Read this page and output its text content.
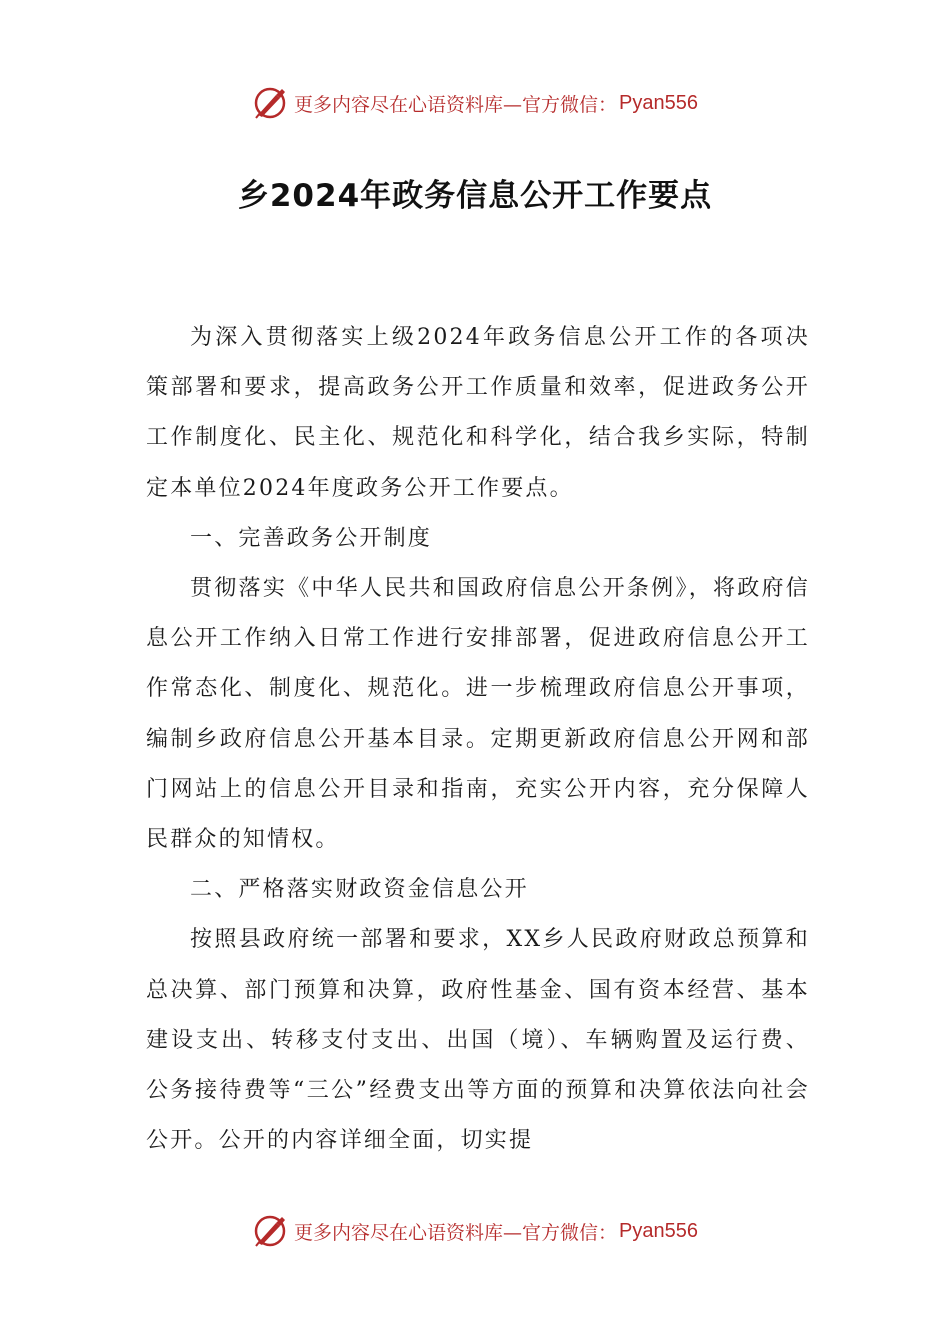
更多内容尽在心语资料库—官方微信： Pyan556
乡2024年政务信息公开工作要点

为深入贯彻落实上级2024年政务信息公开工作的各项决策部署和要求，提高政务公开工作质量和效率，促进政务公开工作制度化、民主化、规范化和科学化，结合我乡实际，特制定本单位2024年度政务公开工作要点。

一、完善政务公开制度

贯彻落实《中华人民共和国政府信息公开条例》，将政府信息公开工作纳入日常工作进行安排部署，促进政府信息公开工作常态化、制度化、规范化。进一步梳理政府信息公开事项，编制乡政府信息公开基本目录。定期更新政府信息公开网和部门网站上的信息公开目录和指南，充实公开内容，充分保障人民群众的知情权。

二、严格落实财政资金信息公开

按照县政府统一部署和要求，XX乡人民政府财政总预算和总决算、部门预算和决算，政府性基金、国有资本经营、基本建设支出、转移支付支出、出国（境）、车辆购置及运行费、公务接待费等“三公”经费支出等方面的预算和决算依法向社会公开。公开的内容详细全面，切实提

更多内容尽在心语资料库—官方微信： Pyan556
